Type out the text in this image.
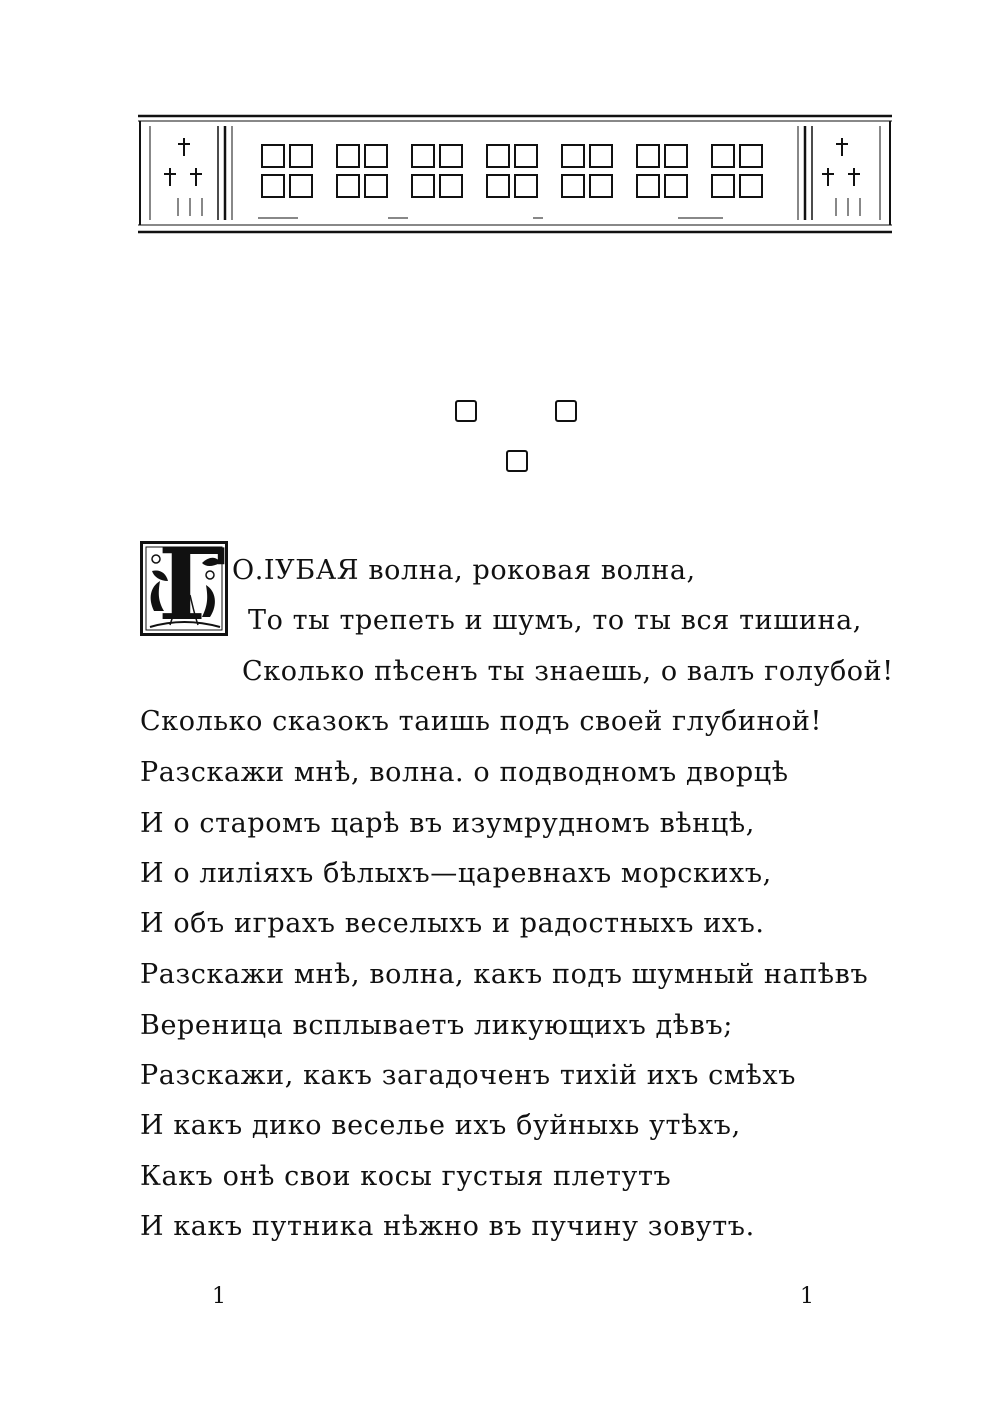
Г О.ІУБАЯ волна, роковая волна,
То ты трепеть и шумъ, то ты вся тишина,
Сколько пѣсенъ ты знаешь, о валъ голубой!
Сколько сказокъ таишь подъ своей глубиной!
Разскажи мнѣ, волна. о подводномъ дворцѣ
И о старомъ царѣ въ изумрудномъ вѣнцѣ,
И о лиліяхъ бѣлыхъ—царевнахъ морскихъ,
И объ играхъ веселыхъ и радостныхъ ихъ.
Разскажи мнѣ, волна, какъ подъ шумный напѣвъ
Вереница всплываетъ ликующихъ дѣвъ;
Разскажи, какъ загадоченъ тихій ихъ смѣхъ
И какъ дико веселье ихъ буйныхь утѣхъ,
Какъ онѣ свои косы густыя плетутъ
И какъ путника нѣжно въ пучину зовутъ.
1	1
